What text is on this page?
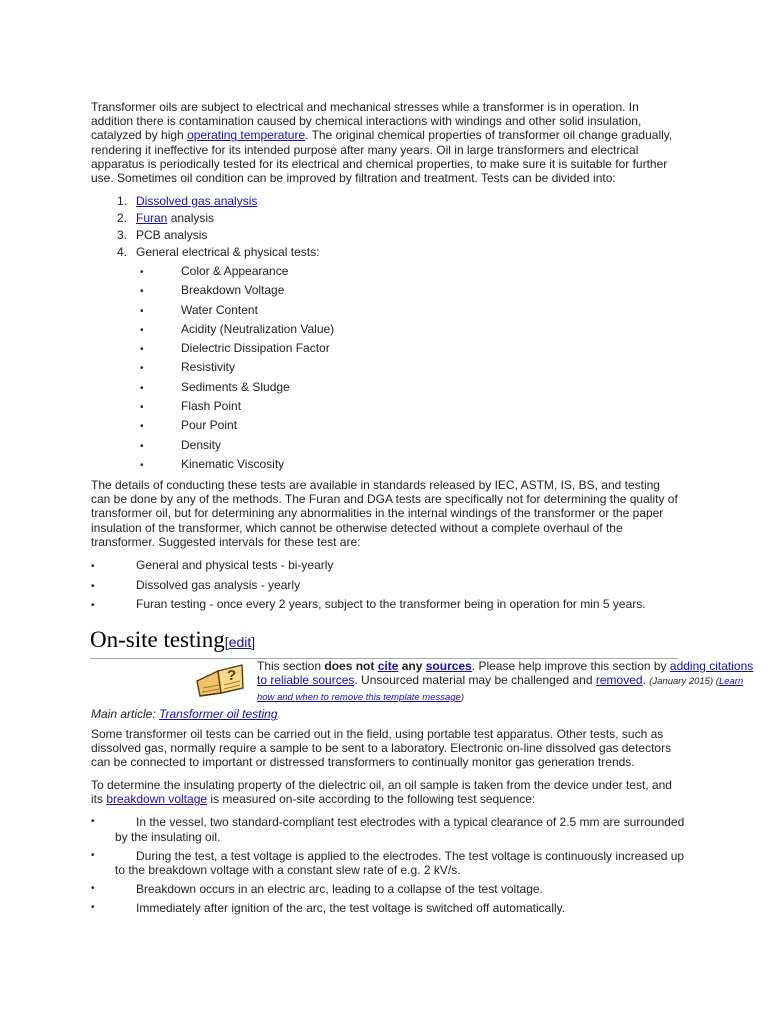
Transformer oils are subject to electrical and mechanical stresses while a transformer is in operation. In addition there is contamination caused by chemical interactions with windings and other solid insulation, catalyzed by high operating temperature. The original chemical properties of transformer oil change gradually, rendering it ineffective for its intended purpose after many years. Oil in large transformers and electrical apparatus is periodically tested for its electrical and chemical properties, to make sure it is suitable for further use. Sometimes oil condition can be improved by filtration and treatment. Tests can be divided into:

1. Dissolved gas analysis
2. Furan analysis
3. PCB analysis
4. General electrical & physical tests:
•	Color & Appearance
•	Breakdown Voltage
•	Water Content
•	Acidity (Neutralization Value)
•	Dielectric Dissipation Factor
•	Resistivity
•	Sediments & Sludge
•	Flash Point
•	Pour Point
•	Density
•	Kinematic Viscosity

The details of conducting these tests are available in standards released by IEC, ASTM, IS, BS, and testing can be done by any of the methods. The Furan and DGA tests are specifically not for determining the quality of transformer oil, but for determining any abnormalities in the internal windings of the transformer or the paper insulation of the transformer, which cannot be otherwise detected without a complete overhaul of the transformer. Suggested intervals for these test are:

•	General and physical tests - bi-yearly
•	Dissolved gas analysis - yearly
•	Furan testing - once every 2 years, subject to the transformer being in operation for min 5 years.
On-site testing[edit]
?
This section does not cite any sources. Please help improve this section by adding citations to reliable sources. Unsourced material may be challenged and removed. (January 2015) (Learn how and when to remove this template message)

Main article: Transformer oil testing

Some transformer oil tests can be carried out in the field, using portable test apparatus. Other tests, such as dissolved gas, normally require a sample to be sent to a laboratory. Electronic on-line dissolved gas detectors can be connected to important or distressed transformers to continually monitor gas generation trends.

To determine the insulating property of the dielectric oil, an oil sample is taken from the device under test, and its breakdown voltage is measured on-site according to the following test sequence:

•	In the vessel, two standard-compliant test electrodes with a typical clearance of 2.5 mm are surrounded by the insulating oil.
•	During the test, a test voltage is applied to the electrodes. The test voltage is continuously increased up to the breakdown voltage with a constant slew rate of e.g. 2 kV/s.
•	Breakdown occurs in an electric arc, leading to a collapse of the test voltage.
•	Immediately after ignition of the arc, the test voltage is switched off automatically.
